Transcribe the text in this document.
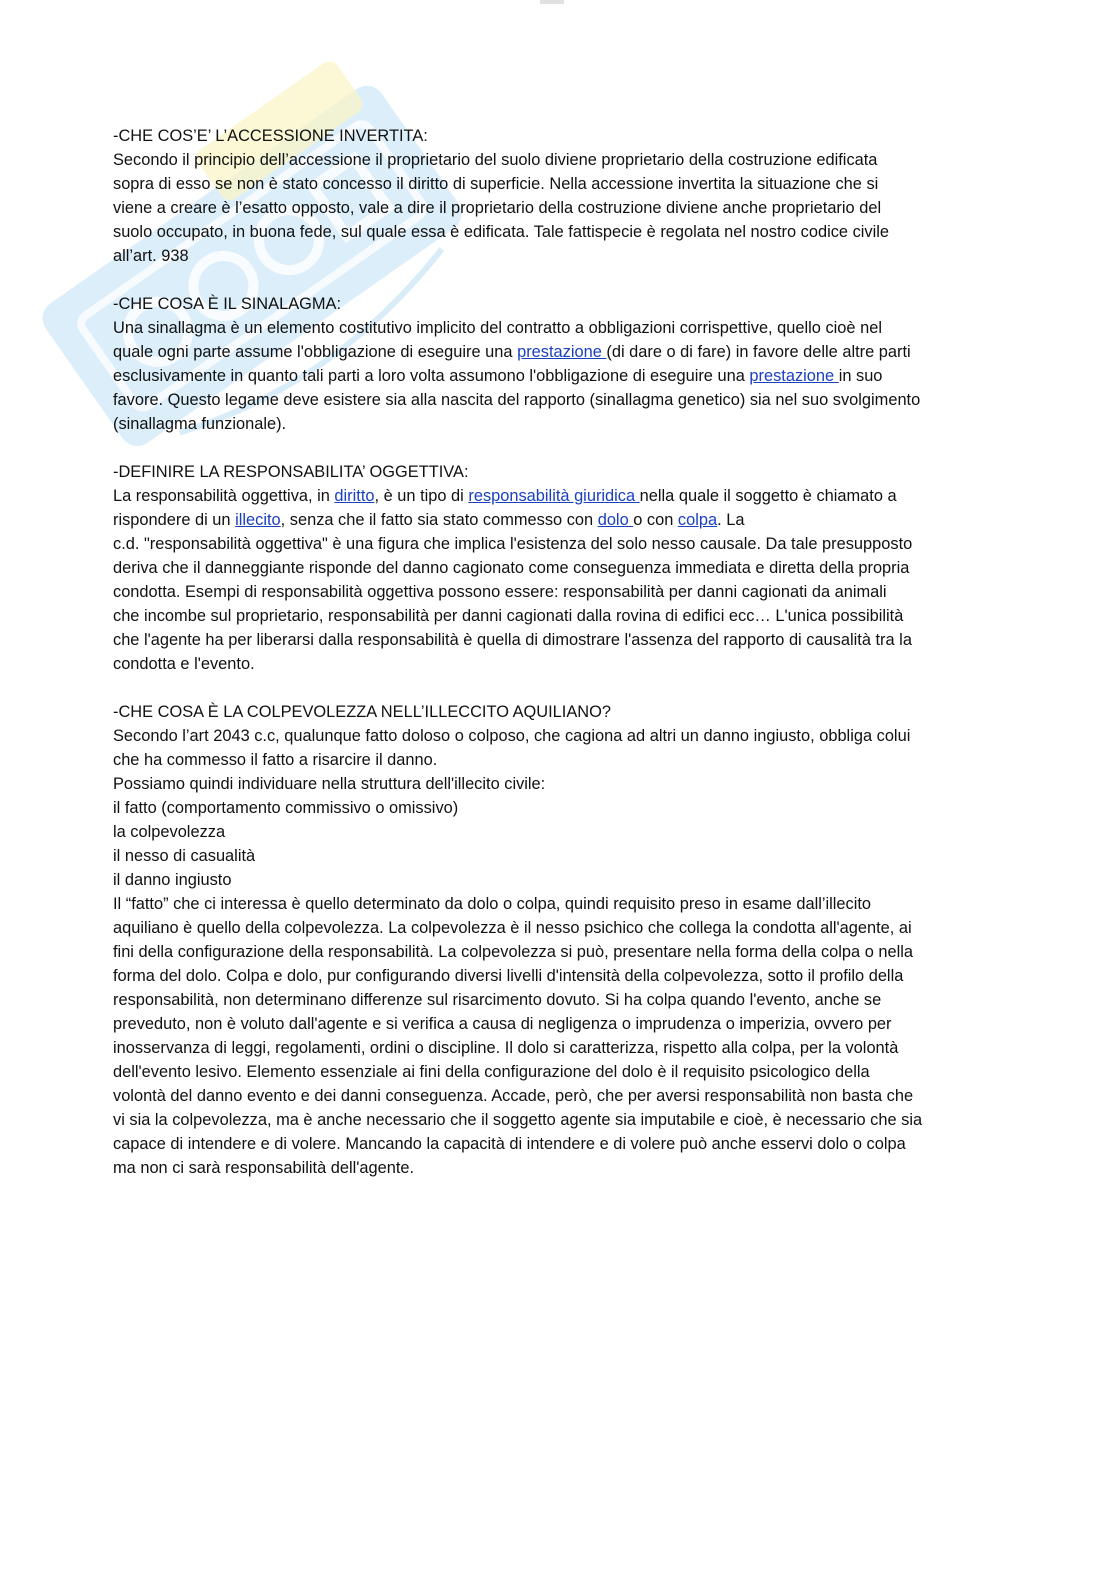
-CHE COS’E’ L’ACCESSIONE INVERTITA:
Secondo il principio dell’accessione il proprietario del suolo diviene proprietario della costruzione edificata
sopra di esso se non è stato concesso il diritto di superficie. Nella accessione invertita la situazione che si
viene a creare è l’esatto opposto, vale a dire il proprietario della costruzione diviene anche proprietario del
suolo occupato, in buona fede, sul quale essa è edificata. Tale fattispecie è regolata nel nostro codice civile
all’art. 938
-CHE COSA È IL SINALAGMA:
Una sinallagma è un elemento costitutivo implicito del contratto a obbligazioni corrispettive, quello cioè nel
quale ogni parte assume l'obbligazione di eseguire una prestazione (di dare o di fare) in favore delle altre parti
esclusivamente in quanto tali parti a loro volta assumono l'obbligazione di eseguire una prestazione in suo
favore. Questo legame deve esistere sia alla nascita del rapporto (sinallagma genetico) sia nel suo svolgimento
(sinallagma funzionale).
-DEFINIRE LA RESPONSABILITA’ OGGETTIVA:
La responsabilità oggettiva, in diritto, è un tipo di responsabilità giuridica nella quale il soggetto è chiamato a
rispondere di un illecito, senza che il fatto sia stato commesso con dolo o con colpa. La
c.d. "responsabilità oggettiva" è una figura che implica l'esistenza del solo nesso causale. Da tale presupposto
deriva che il danneggiante risponde del danno cagionato come conseguenza immediata e diretta della propria
condotta. Esempi di responsabilità oggettiva possono essere: responsabilità per danni cagionati da animali
che incombe sul proprietario, responsabilità per danni cagionati dalla rovina di edifici ecc… L'unica possibilità
che l'agente ha per liberarsi dalla responsabilità è quella di dimostrare l'assenza del rapporto di causalità tra la
condotta e l'evento.
-CHE COSA È LA COLPEVOLEZZA NELL’ILLECCITO AQUILIANO?
Secondo l’art 2043 c.c, qualunque fatto doloso o colposo, che cagiona ad altri un danno ingiusto, obbliga colui
che ha commesso il fatto a risarcire il danno.
Possiamo quindi individuare nella struttura dell'illecito civile:
il fatto (comportamento commissivo o omissivo)
la colpevolezza
il nesso di casualità
il danno ingiusto
Il “fatto” che ci interessa è quello determinato da dolo o colpa, quindi requisito preso in esame dall’illecito
aquiliano è quello della colpevolezza. La colpevolezza è il nesso psichico che collega la condotta all'agente, ai
fini della configurazione della responsabilità. La colpevolezza si può, presentare nella forma della colpa o nella
forma del dolo. Colpa e dolo, pur configurando diversi livelli d'intensità della colpevolezza, sotto il profilo della
responsabilità, non determinano differenze sul risarcimento dovuto. Si ha colpa quando l'evento, anche se
preveduto, non è voluto dall'agente e si verifica a causa di negligenza o imprudenza o imperizia, ovvero per
inosservanza di leggi, regolamenti, ordini o discipline. Il dolo si caratterizza, rispetto alla colpa, per la volontà
dell'evento lesivo. Elemento essenziale ai fini della configurazione del dolo è il requisito psicologico della
volontà del danno evento e dei danni conseguenza. Accade, però, che per aversi responsabilità non basta che
vi sia la colpevolezza, ma è anche necessario che il soggetto agente sia imputabile e cioè, è necessario che sia
capace di intendere e di volere. Mancando la capacità di intendere e di volere può anche esservi dolo o colpa
ma non ci sarà responsabilità dell'agente.
